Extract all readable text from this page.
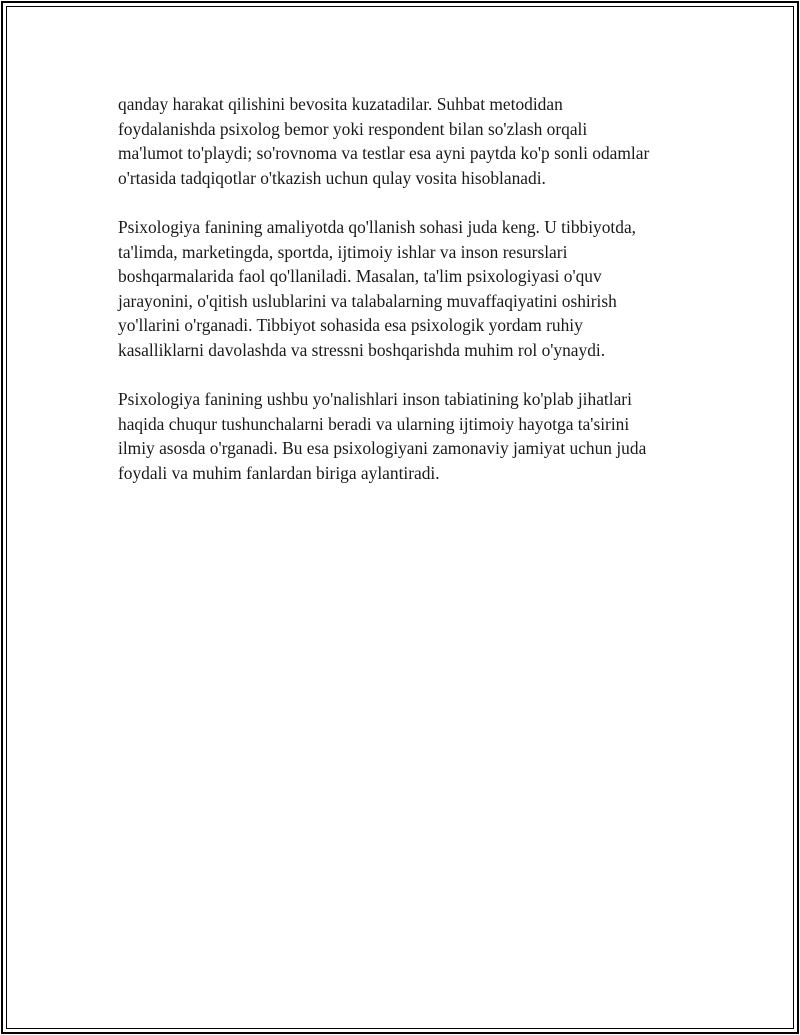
qanday harakat qilishini bevosita kuzatadilar. Suhbat metodidan
foydalanishda psixolog bemor yoki respondent bilan so'zlash orqali
ma'lumot to'playdi; so'rovnoma va testlar esa ayni paytda ko'p sonli odamlar
o'rtasida tadqiqotlar o'tkazish uchun qulay vosita hisoblanadi.

Psixologiya fanining amaliyotda qo'llanish sohasi juda keng. U tibbiyotda,
ta'limda, marketingda, sportda, ijtimoiy ishlar va inson resurslari
boshqarmalarida faol qo'llaniladi. Masalan, ta'lim psixologiyasi o'quv
jarayonini, o'qitish uslublarini va talabalarning muvaffaqiyatini oshirish
yo'llarini o'rganadi. Tibbiyot sohasida esa psixologik yordam ruhiy
kasalliklarni davolashda va stressni boshqarishda muhim rol o'ynaydi.

Psixologiya fanining ushbu yo'nalishlari inson tabiatining ko'plab jihatlari
haqida chuqur tushunchalarni beradi va ularning ijtimoiy hayotga ta'sirini
ilmiy asosda o'rganadi. Bu esa psixologiyani zamonaviy jamiyat uchun juda
foydali va muhim fanlardan biriga aylantiradi.
